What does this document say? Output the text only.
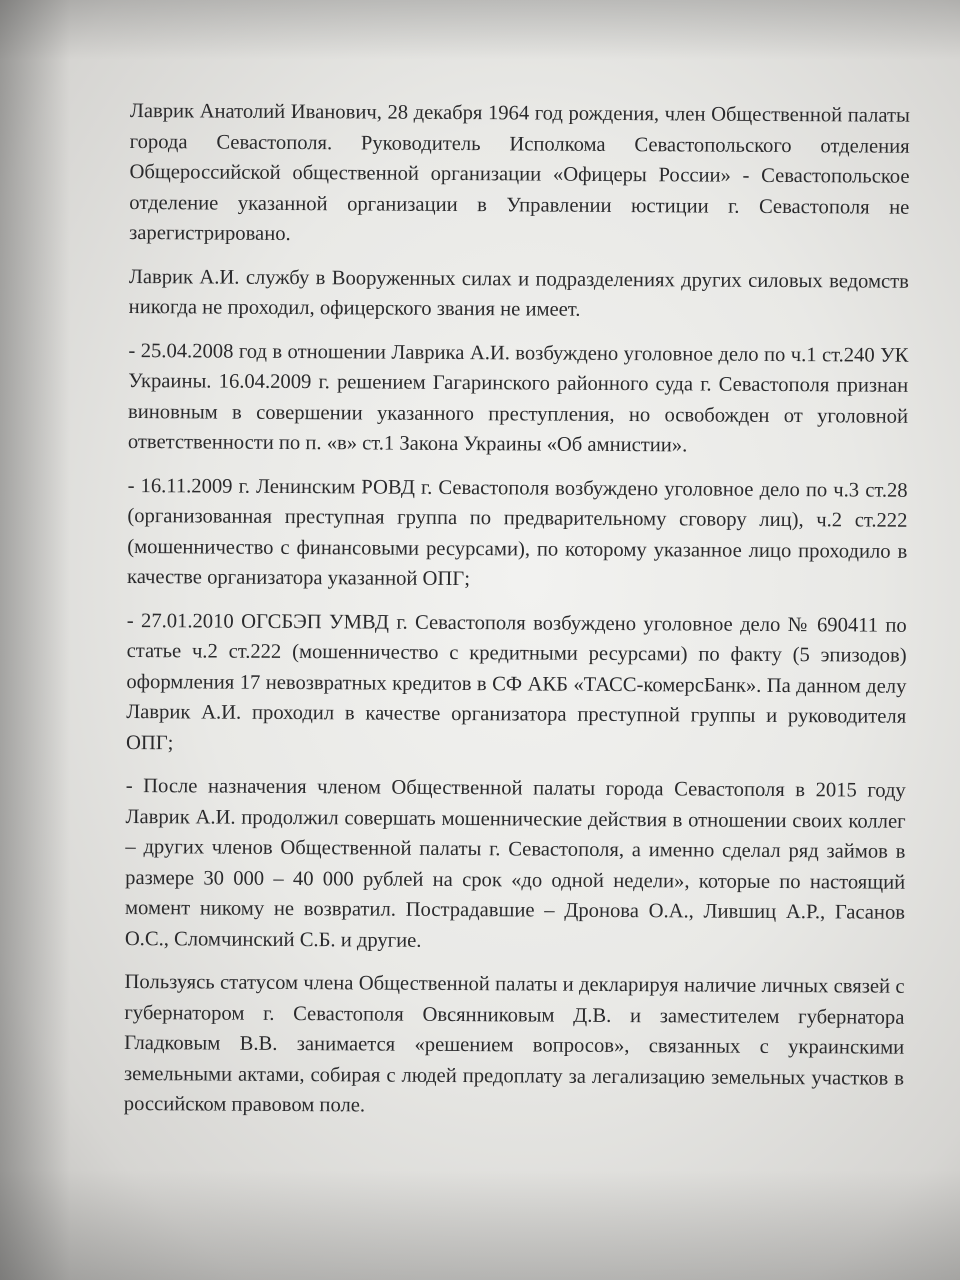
Лаврик Анатолий Иванович, 28 декабря 1964 год рождения, член Общественной палаты города Севастополя. Руководитель Исполкома Севастопольского отделения Общероссийской общественной организации «Офицеры России» - Севастопольское отделение указанной организации в Управлении юстиции г. Севастополя не зарегистрировано.

Лаврик А.И. службу в Вооруженных силах и подразделениях других силовых ведомств никогда не проходил, офицерского звания не имеет.

- 25.04.2008 год в отношении Лаврика А.И. возбуждено уголовное дело по ч.1 ст.240 УК Украины. 16.04.2009 г. решением Гагаринского районного суда г. Севастополя признан виновным в совершении указанного преступления, но освобожден от уголовной ответственности по п. «в» ст.1 Закона Украины «Об амнистии».

- 16.11.2009 г. Ленинским РОВД г. Севастополя возбуждено уголовное дело по ч.3 ст.28 (организованная преступная группа по предварительному сговору лиц), ч.2 ст.222 (мошенничество с финансовыми ресурсами), по которому указанное лицо проходило в качестве организатора указанной ОПГ;

- 27.01.2010 ОГСБЭП УМВД г. Севастополя возбуждено уголовное дело № 690411 по статье ч.2 ст.222 (мошенничество с кредитными ресурсами) по факту (5 эпизодов) оформления 17 невозвратных кредитов в СФ АКБ «ТАСС-комерсБанк». Па данном делу Лаврик А.И. проходил в качестве организатора преступной группы и руководителя ОПГ;

- После назначения членом Общественной палаты города Севастополя в 2015 году Лаврик А.И. продолжил совершать мошеннические действия в отношении своих коллег – других членов Общественной палаты г. Севастополя, а именно сделал ряд займов в размере 30 000 – 40 000 рублей на срок «до одной недели», которые по настоящий момент никому не возвратил. Пострадавшие – Дронова О.А., Лившиц А.Р., Гасанов О.С., Сломчинский С.Б. и другие.

Пользуясь статусом члена Общественной палаты и декларируя наличие личных связей с губернатором г. Севастополя Овсянниковым Д.В. и заместителем губернатора Гладковым В.В. занимается «решением вопросов», связанных с украинскими земельными актами, собирая с людей предоплату за легализацию земельных участков в российском правовом поле.
